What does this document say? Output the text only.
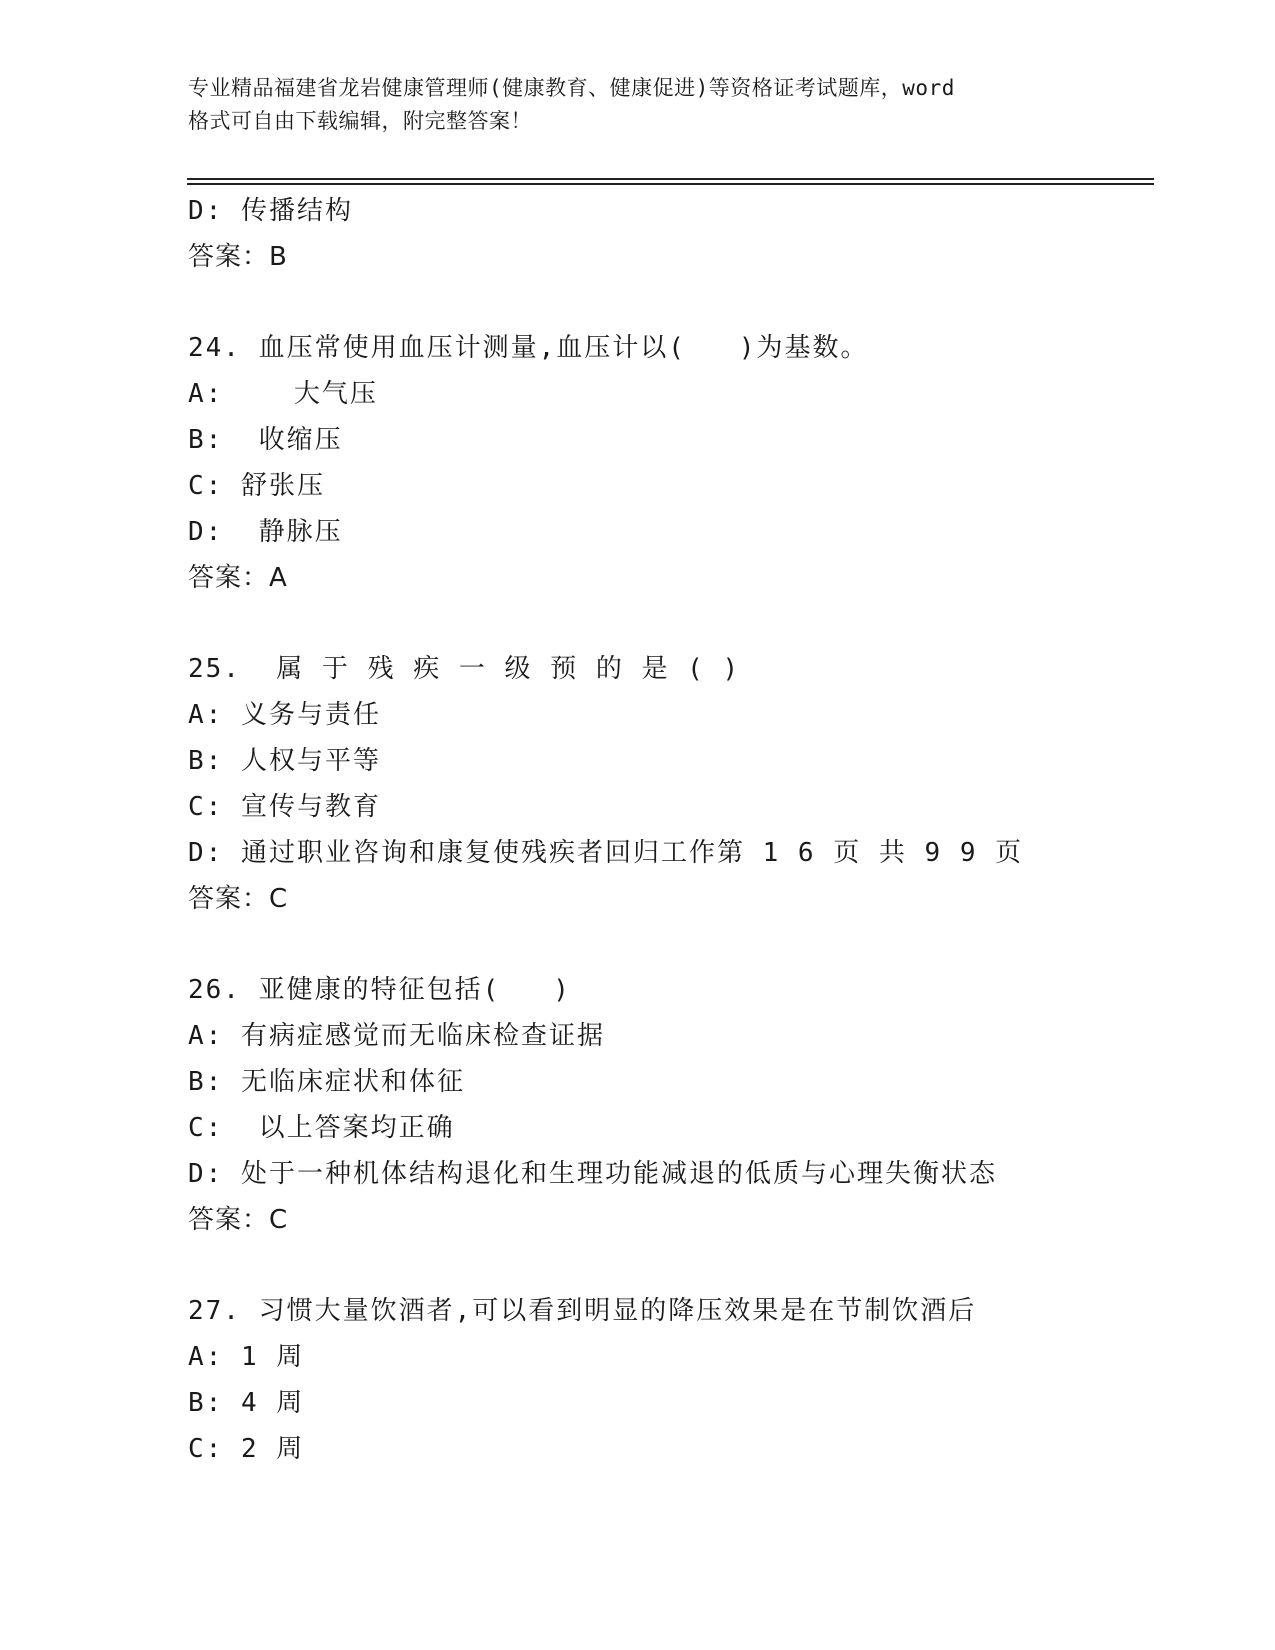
专业精品福建省龙岩健康管理师(健康教育、健康促进)等资格证考试题库，word
格式可自由下载编辑，附完整答案！
D: 传播结构
答案：B
24. 血压常使用血压计测量,血压计以(   )为基数。
A:    大气压
B:  收缩压
C: 舒张压
D:  静脉压
答案：A
25.  属 于 残 疾 一 级 预 的 是 ( )
A: 义务与责任
B: 人权与平等
C: 宣传与教育
D: 通过职业咨询和康复使残疾者回归工作第 1 6 页 共 9 9 页
答案：C
26. 亚健康的特征包括(   )
A: 有病症感觉而无临床检查证据
B: 无临床症状和体征
C:  以上答案均正确
D: 处于一种机体结构退化和生理功能减退的低质与心理失衡状态
答案：C
27. 习惯大量饮酒者,可以看到明显的降压效果是在节制饮酒后
A: 1 周
B: 4 周
C: 2 周
